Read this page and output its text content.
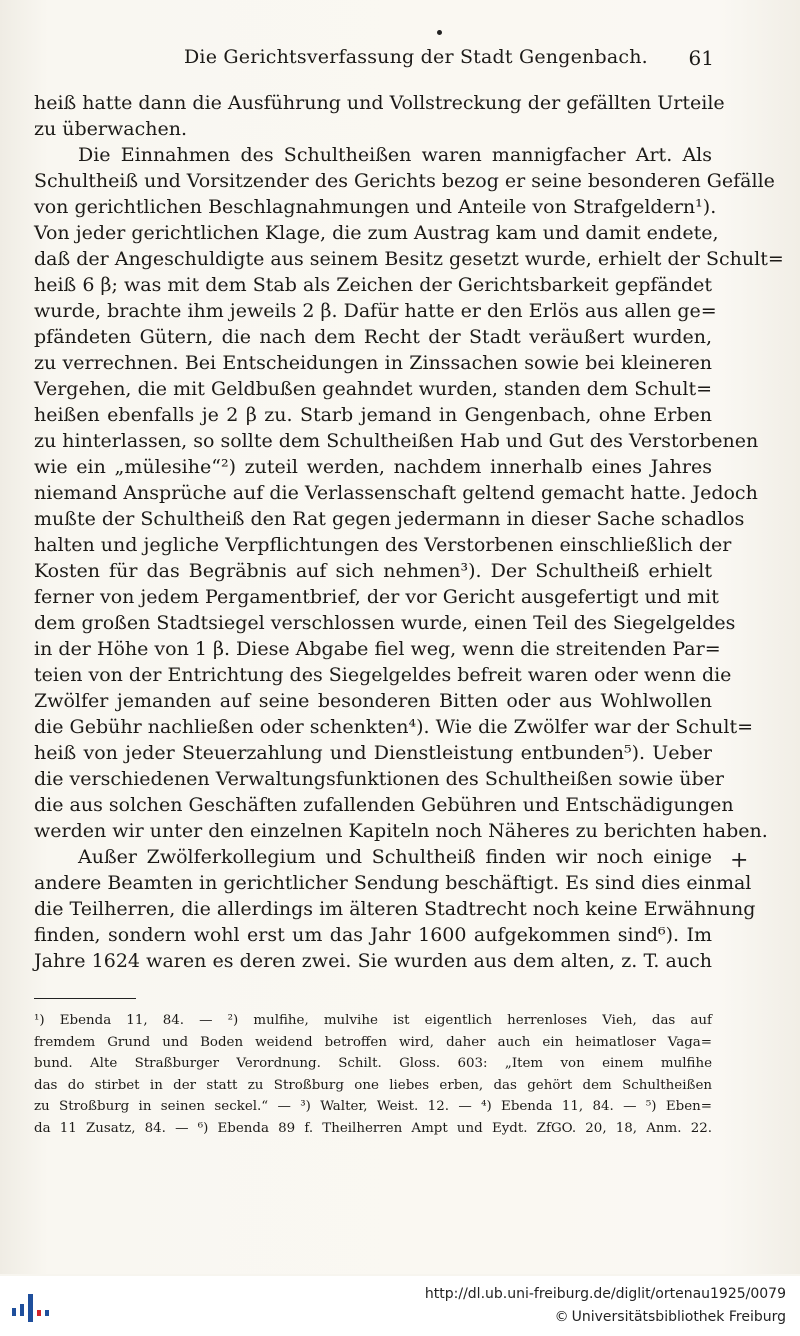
Die Gerichtsverfassung der Stadt Gengenbach. 61
heiß hatte dann die Ausführung und Vollstreckung der gefällten Urteile
zu überwachen.
Die Einnahmen des Schultheißen waren mannigfacher Art. Als
Schultheiß und Vorsitzender des Gerichts bezog er seine besonderen Gefälle
von gerichtlichen Beschlagnahmungen und Anteile von Strafgeldern¹).
Von jeder gerichtlichen Klage, die zum Austrag kam und damit endete,
daß der Angeschuldigte aus seinem Besitz gesetzt wurde, erhielt der Schult=
heiß 6 β; was mit dem Stab als Zeichen der Gerichtsbarkeit gepfändet
wurde, brachte ihm jeweils 2 β. Dafür hatte er den Erlös aus allen ge=
pfändeten Gütern, die nach dem Recht der Stadt veräußert wurden,
zu verrechnen. Bei Entscheidungen in Zinssachen sowie bei kleineren
Vergehen, die mit Geldbußen geahndet wurden, standen dem Schult=
heißen ebenfalls je 2 β zu. Starb jemand in Gengenbach, ohne Erben
zu hinterlassen, so sollte dem Schultheißen Hab und Gut des Verstorbenen
wie ein „mülesihe“²) zuteil werden, nachdem innerhalb eines Jahres
niemand Ansprüche auf die Verlassenschaft geltend gemacht hatte. Jedoch
mußte der Schultheiß den Rat gegen jedermann in dieser Sache schadlos
halten und jegliche Verpflichtungen des Verstorbenen einschließlich der
Kosten für das Begräbnis auf sich nehmen³). Der Schultheiß erhielt
ferner von jedem Pergamentbrief, der vor Gericht ausgefertigt und mit
dem großen Stadtsiegel verschlossen wurde, einen Teil des Siegelgeldes
in der Höhe von 1 β. Diese Abgabe fiel weg, wenn die streitenden Par=
teien von der Entrichtung des Siegelgeldes befreit waren oder wenn die
Zwölfer jemanden auf seine besonderen Bitten oder aus Wohlwollen
die Gebühr nachließen oder schenkten⁴). Wie die Zwölfer war der Schult=
heiß von jeder Steuerzahlung und Dienstleistung entbunden⁵). Ueber
die verschiedenen Verwaltungsfunktionen des Schultheißen sowie über
die aus solchen Geschäften zufallenden Gebühren und Entschädigungen
werden wir unter den einzelnen Kapiteln noch Näheres zu berichten haben.
Außer Zwölferkollegium und Schultheiß finden wir noch einige
andere Beamten in gerichtlicher Sendung beschäftigt. Es sind dies einmal
die Teilherren, die allerdings im älteren Stadtrecht noch keine Erwähnung
finden, sondern wohl erst um das Jahr 1600 aufgekommen sind⁶). Im
Jahre 1624 waren es deren zwei. Sie wurden aus dem alten, z. T. auch
+
¹) Ebenda 11, 84. — ²) mulfihe, mulvihe ist eigentlich herrenloses Vieh, das auf
fremdem Grund und Boden weidend betroffen wird, daher auch ein heimatloser Vaga=
bund. Alte Straßburger Verordnung. Schilt. Gloss. 603: „Item von einem mulfihe
das do stirbet in der statt zu Stroßburg one liebes erben, das gehört dem Schultheißen
zu Stroßburg in seinen seckel.“ — ³) Walter, Weist. 12. — ⁴) Ebenda 11, 84. — ⁵) Eben=
da 11 Zusatz, 84. — ⁶) Ebenda 89 f. Theilherren Ampt und Eydt. ZfGO. 20, 18, Anm. 22.
http://dl.ub.uni-freiburg.de/diglit/ortenau1925/0079
© Universitätsbibliothek Freiburg
